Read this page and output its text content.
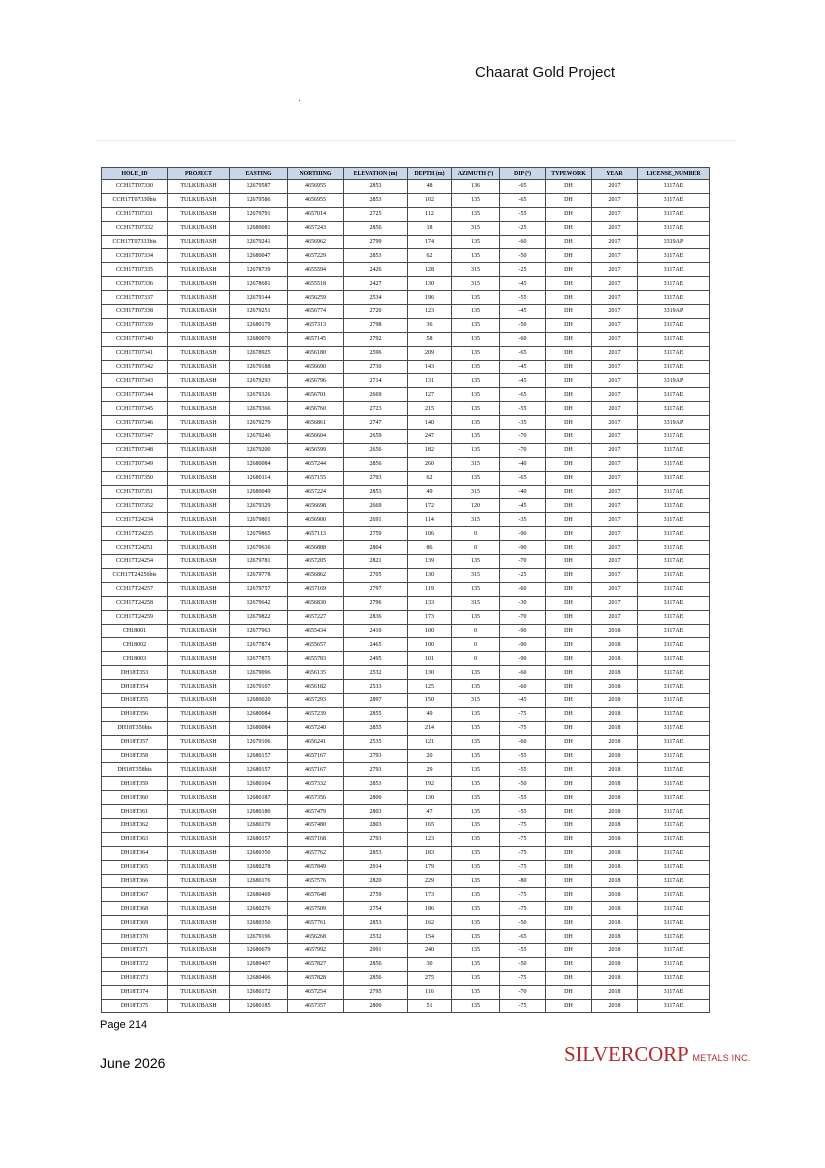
Chaarat Gold Project
HOLE_ID	PROJECT	EASTING	NORTHING	ELEVATION (m)	DEPTH (m)	AZIMUTH (º)	DIP (º)	TYPEWORK	YEAR	LICENSE_NUMBER
CCH17T07330	TULKUBASH	12679587	4656955	2853	48	136	-65	DH	2017	3117AE
CCH17T07330bis	TULKUBASH	12679586	4656955	2853	102	135	-65	DH	2017	3117AE
CCH17T07331	TULKUBASH	12679791	4657014	2725	112	135	-55	DH	2017	3117AE
CCH17T07332	TULKUBASH	12680081	4657243	2856	18	315	-25	DH	2017	3117AE
CCH17T07333bis	TULKUBASH	12679241	4656962	2799	174	135	-60	DH	2017	3319AP
CCH17T07334	TULKUBASH	12680047	4657229	2853	62	135	-50	DH	2017	3117AE
CCH17T07335	TULKUBASH	12678739	4655594	2426	128	315	-25	DH	2017	3117AE
CCH17T07336	TULKUBASH	12678681	4655518	2427	130	315	-45	DH	2017	3117AE
CCH17T07337	TULKUBASH	12679144	4656259	2534	196	135	-55	DH	2017	3117AE
CCH17T07338	TULKUBASH	12679251	4656774	2720	123	135	-45	DH	2017	3319AP
CCH17T07339	TULKUBASH	12680179	4657313	2798	36	135	-50	DH	2017	3117AE
CCH17T07340	TULKUBASH	12680070	4657145	2792	58	135	-60	DH	2017	3117AE
CCH17T07341	TULKUBASH	12678925	4656180	2596	209	135	-65	DH	2017	3117AE
CCH17T07342	TULKUBASH	12679188	4656690	2730	143	135	-45	DH	2017	3117AE
CCH17T07343	TULKUBASH	12679293	4656796	2714	131	135	-45	DH	2017	3319AP
CCH17T07344	TULKUBASH	12679326	4656701	2669	127	135	-65	DH	2017	3117AE
CCH17T07345	TULKUBASH	12679366	4656760	2723	215	135	-55	DH	2017	3117AE
CCH17T07346	TULKUBASH	12679279	4656861	2747	140	135	-35	DH	2017	3319AP
CCH17T07347	TULKUBASH	12679246	4656604	2659	247	135	-70	DH	2017	3117AE
CCH17T07348	TULKUBASH	12679200	4656599	2656	182	135	-70	DH	2017	3117AE
CCH17T07349	TULKUBASH	12680084	4657244	2856	260	315	-40	DH	2017	3117AE
CCH17T07350	TULKUBASH	12680114	4657155	2793	62	135	-65	DH	2017	3117AE
CCH17T07351	TULKUBASH	12680049	4657224	2853	49	315	-40	DH	2017	3117AE
CCH17T07352	TULKUBASH	12679329	4656698	2669	172	120	-45	DH	2017	3117AE
CCH17T24234	TULKUBASH	12679801	4656900	2691	114	315	-35	DH	2017	3117AE
CCH17T24235	TULKUBASH	12679865	4657113	2759	106	0	-90	DH	2017	3117AE
CCH17T24251	TULKUBASH	12679636	4656888	2804	86	0	-90	DH	2017	3117AE
CCH17T24254	TULKUBASH	12679781	4657205	2821	139	135	-70	DH	2017	3117AE
CCH17T24256bis	TULKUBASH	12679778	4656862	2705	130	315	-25	DH	2017	3117AE
CCH17T24257	TULKUBASH	12679757	4657169	2797	119	135	-60	DH	2017	3117AE
CCH17T24258	TULKUBASH	12679642	4656830	2796	133	315	-30	DH	2017	3117AE
CCH17T24259	TULKUBASH	12679822	4657227	2836	173	135	-70	DH	2017	3117AE
CH18001	TULKUBASH	12677963	4655434	2410	100	0	-90	DH	2018	3117AE
CH18002	TULKUBASH	12677874	4655657	2465	100	0	-90	DH	2018	3117AE
CH18003	TULKUBASH	12677875	4655783	2495	101	0	-90	DH	2018	3117AE
DH18T353	TULKUBASH	12679096	4656135	2532	130	135	-60	DH	2018	3117AE
DH18T354	TULKUBASH	12679107	4656182	2533	125	135	-60	DH	2018	3117AE
DH18T355	TULKUBASH	12680020	4657293	2897	150	315	-45	DH	2018	3117AE
DH18T356	TULKUBASH	12680084	4657239	2855	49	135	-75	DH	2018	3117AE
DH18T356bis	TULKUBASH	12680084	4657240	2855	214	135	-75	DH	2018	3117AE
DH18T357	TULKUBASH	12679106	4656241	2535	121	135	-60	DH	2018	3117AE
DH18T358	TULKUBASH	12680157	4657167	2793	20	135	-55	DH	2018	3117AE
DH18T358bis	TULKUBASH	12680157	4657167	2793	29	135	-55	DH	2018	3117AE
DH18T359	TULKUBASH	12680104	4657332	2853	192	135	-50	DH	2018	3117AE
DH18T360	TULKUBASH	12680187	4657356	2800	130	135	-55	DH	2018	3117AE
DH18T361	TULKUBASH	12680180	4657479	2803	47	135	-55	DH	2018	3117AE
DH18T362	TULKUBASH	12680179	4657480	2803	165	135	-75	DH	2018	3117AE
DH18T363	TULKUBASH	12680157	4657168	2793	123	135	-75	DH	2018	3117AE
DH18T364	TULKUBASH	12680350	4657762	2853	183	135	-75	DH	2018	3117AE
DH18T365	TULKUBASH	12680278	4657849	2914	179	135	-75	DH	2018	3117AE
DH18T366	TULKUBASH	12680176	4657576	2820	229	135	-80	DH	2018	3117AE
DH18T367	TULKUBASH	12680469	4657648	2759	173	135	-75	DH	2018	3117AE
DH18T368	TULKUBASH	12680276	4657509	2754	186	135	-75	DH	2018	3117AE
DH18T369	TULKUBASH	12680350	4657761	2853	162	135	-50	DH	2018	3117AE
DH18T370	TULKUBASH	12679196	4656268	2532	154	135	-65	DH	2018	3117AE
DH18T371	TULKUBASH	12680679	4657992	2991	240	135	-55	DH	2018	3117AE
DH18T372	TULKUBASH	12680407	4657827	2856	30	135	-50	DH	2018	3117AE
DH18T373	TULKUBASH	12680406	4657828	2856	275	135	-75	DH	2018	3117AE
DH18T374	TULKUBASH	12680172	4657254	2795	116	135	-70	DH	2018	3117AE
DH18T375	TULKUBASH	12680185	4657357	2800	51	135	-75	DH	2018	3117AE
Page 214
June 2026	SILVERCORP METALS INC.
